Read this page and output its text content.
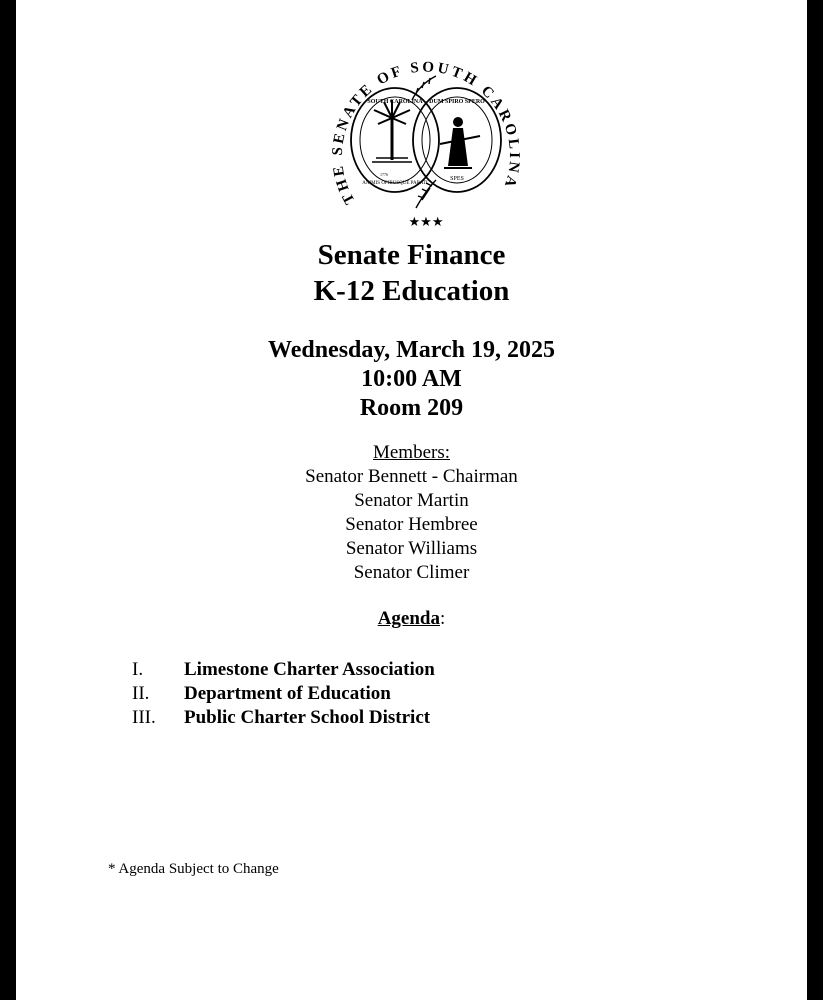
THE SENATE OF SOUTH CAROLINA
SOUTH CAROLINA
ANIMIS OPIBUSQUE PARATI
1776
DUM SPIRO SPERO
SPES
★★★
Senate Finance
K-12 Education
Wednesday, March 19, 2025
10:00 AM
Room 209
Members:
Senator Bennett - Chairman
Senator Martin
Senator Hembree
Senator Williams
Senator Climer
Agenda:
I. Limestone Charter Association
II. Department of Education
III. Public Charter School District
* Agenda Subject to Change
